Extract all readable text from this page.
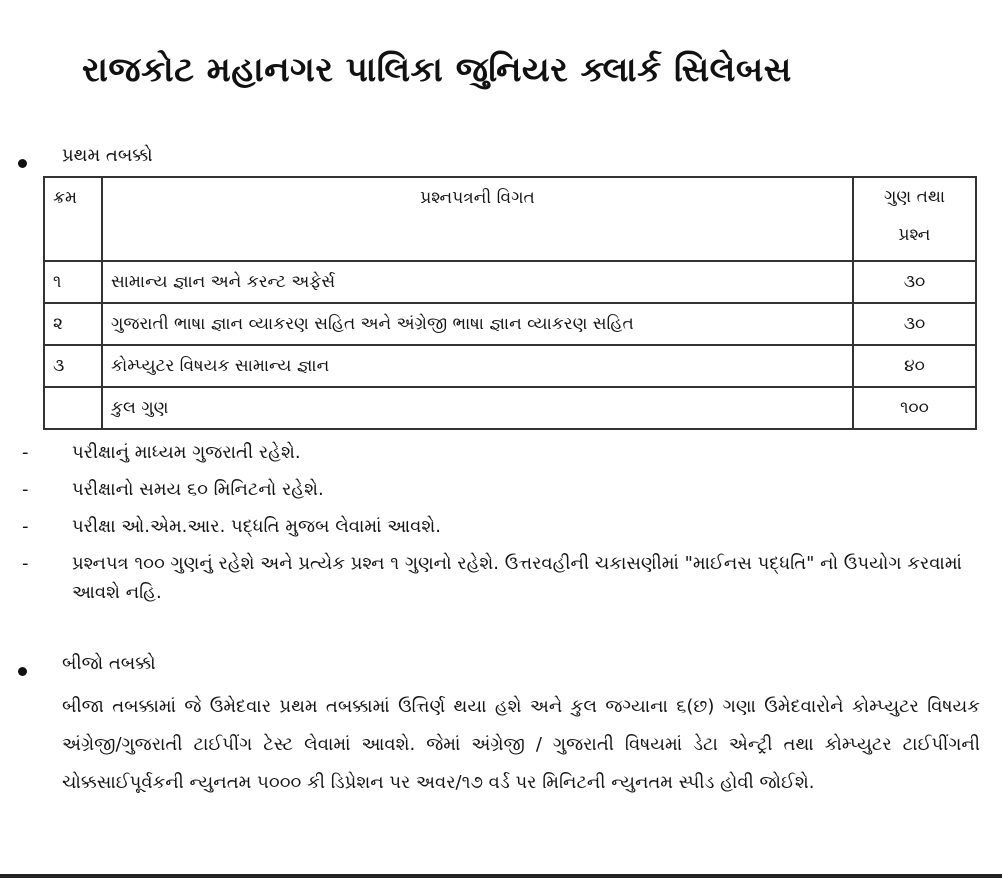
રાજકોટ મહાનગર પાલિકા જુનિયર ક્લાર્ક સિલેબસ
પ્રથમ તબક્કો
ક્રમ	પ્રશ્નપત્રની વિગત	ગુણ તથા
પ્રશ્ન

૧	સામાન્ય જ્ઞાન અને કરન્ટ અફેર્સ	૩૦
૨	ગુજરાતી ભાષા જ્ઞાન વ્યાકરણ સહિત અને અંગ્રેજી ભાષા જ્ઞાન વ્યાકરણ સહિત	૩૦
૩	કોમ્પ્યુટર વિષયક સામાન્ય જ્ઞાન	૪૦
	કુલ ગુણ	૧૦૦
-	પરીક્ષાનું માધ્યમ ગુજરાતી રહેશે.
-	પરીક્ષાનો સમય ૬૦ મિનિટનો રહેશે.
-	પરીક્ષા ઓ.એમ.આર. પદ્ધતિ મુજબ લેવામાં આવશે.
-	પ્રશ્નપત્ર ૧૦૦ ગુણનું રહેશે અને પ્રત્યેક પ્રશ્ન ૧ ગુણનો રહેશે. ઉત્તરવહીની ચકાસણીમાં "માઈનસ પદ્ધતિ" નો ઉપયોગ કરવામાં આવશે નહિ.
બીજો તબક્કો
બીજા તબક્કામાં જે ઉમેદવાર પ્રથમ તબક્કામાં ઉત્તિર્ણ થયા હશે અને કુલ જગ્યાના ૬(છ) ગણા ઉમેદવારોને કોમ્પ્યુટર વિષયક અંગ્રેજી/ગુજરાતી ટાઈપીંગ ટેસ્ટ લેવામાં આવશે. જેમાં અંગ્રેજી / ગુજરાતી વિષયમાં ડેટા એન્ટ્રી તથા કોમ્પ્યુટર ટાઈપીંગની ચોક્કસાઈપૂર્વકની ન્યુનતમ ૫૦૦૦ કી ડિપ્રેશન પર અવર/૧૭ વર્ડ પર મિનિટની ન્યુનતમ સ્પીડ હોવી જોઈશે.
